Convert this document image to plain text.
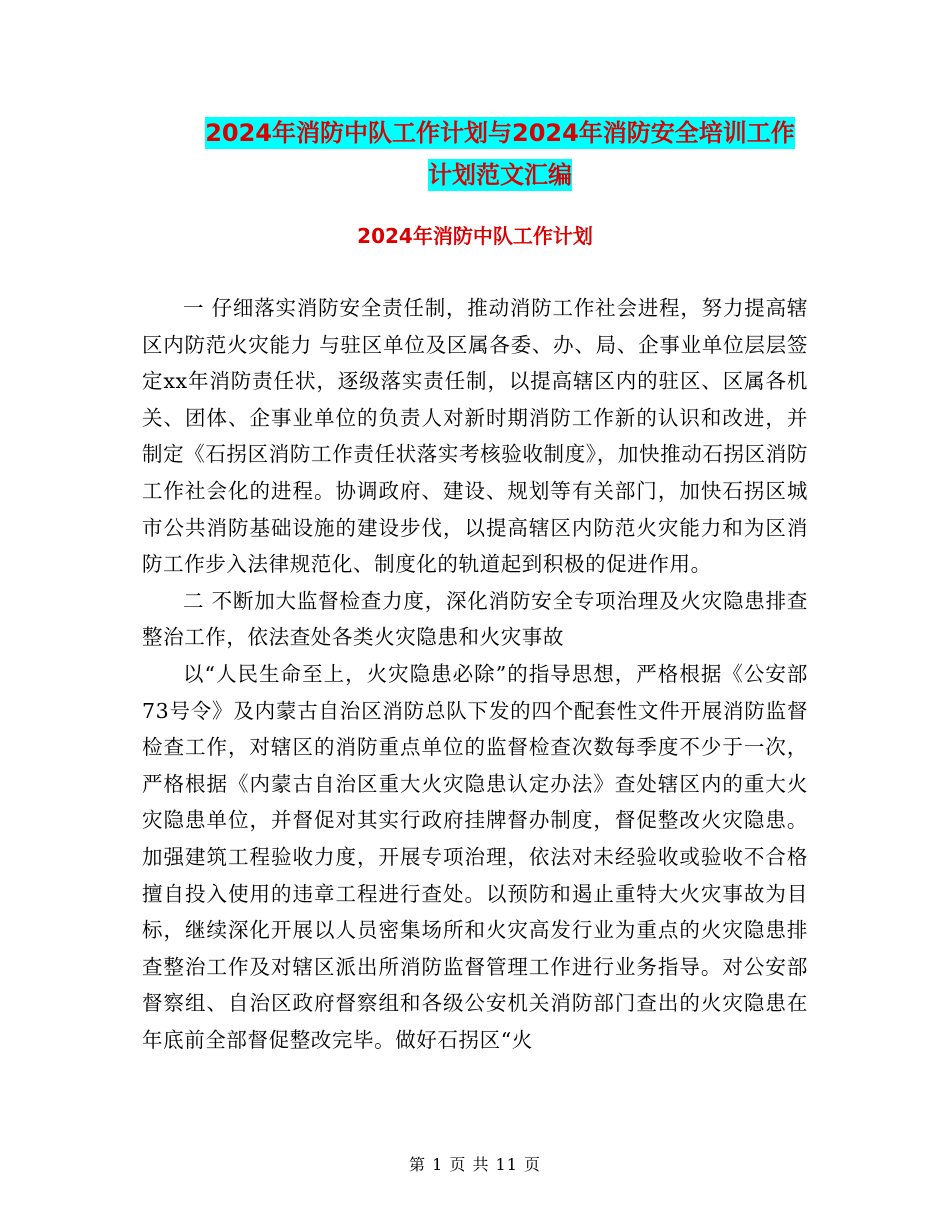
2024年消防中队工作计划与2024年消防安全培训工作
计划范文汇编
2024年消防中队工作计划

一 仔细落实消防安全责任制，推动消防工作社会进程，努力提高辖区内防范火灾能力 与驻区单位及区属各委、办、局、企事业单位层层签定xx年消防责任状，逐级落实责任制，以提高辖区内的驻区、区属各机关、团体、企事业单位的负责人对新时期消防工作新的认识和改进，并制定《石拐区消防工作责任状落实考核验收制度》，加快推动石拐区消防工作社会化的进程。协调政府、建设、规划等有关部门，加快石拐区城市公共消防基础设施的建设步伐，以提高辖区内防范火灾能力和为区消防工作步入法律规范化、制度化的轨道起到积极的促进作用。

二 不断加大监督检查力度，深化消防安全专项治理及火灾隐患排查整治工作，依法查处各类火灾隐患和火灾事故

以“人民生命至上，火灾隐患必除”的指导思想，严格根据《公安部73号令》及内蒙古自治区消防总队下发的四个配套性文件开展消防监督检查工作，对辖区的消防重点单位的监督检查次数每季度不少于一次，严格根据《内蒙古自治区重大火灾隐患认定办法》查处辖区内的重大火灾隐患单位，并督促对其实行政府挂牌督办制度，督促整改火灾隐患。加强建筑工程验收力度，开展专项治理，依法对未经验收或验收不合格擅自投入使用的违章工程进行查处。以预防和遏止重特大火灾事故为目标，继续深化开展以人员密集场所和火灾高发行业为重点的火灾隐患排查整治工作及对辖区派出所消防监督管理工作进行业务指导。对公安部督察组、自治区政府督察组和各级公安机关消防部门查出的火灾隐患在年底前全部督促整改完毕。做好石拐区“火

第 1 页 共 11 页
